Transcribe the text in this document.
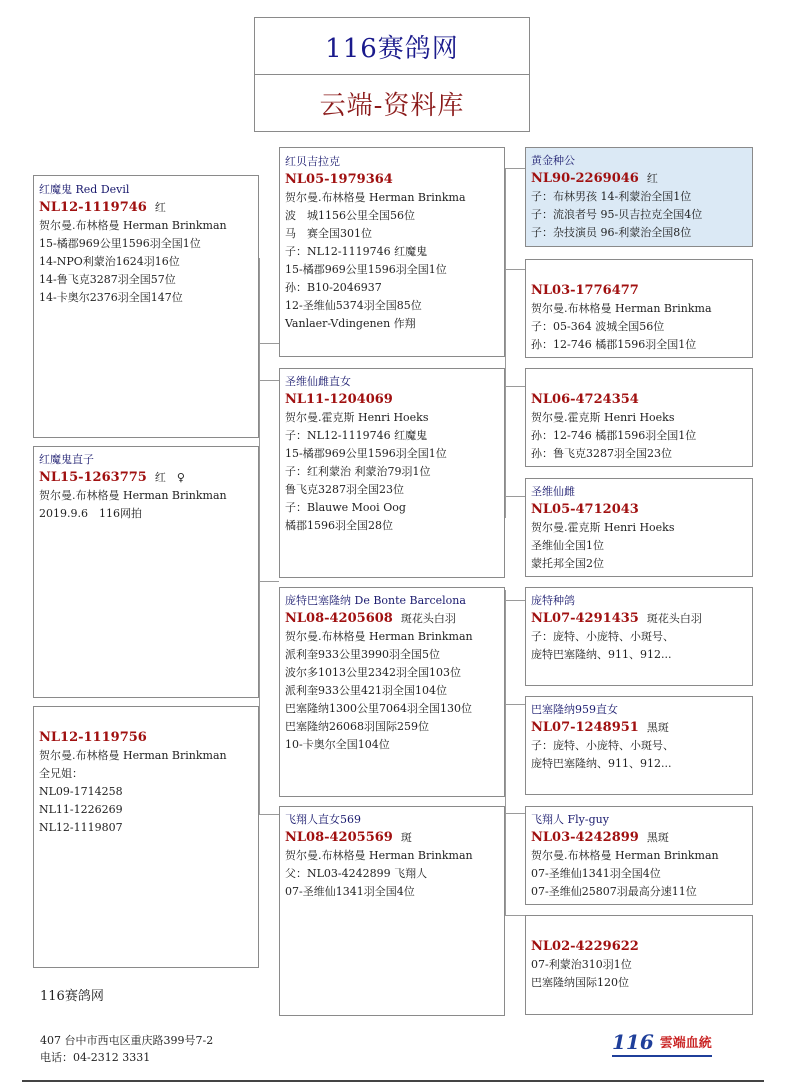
116赛鸽网
云端-资料库
红魔鬼 Red Devil
NL12-1119746 红
贺尔曼.布林格曼 Herman Brinkman
15-橘郡969公里1596羽全国1位
14-NPO利蒙治1624羽16位
14-鲁飞克3287羽全国57位
14-卡奥尔2376羽全国147位
红魔鬼直子
NL15-1263775 红　♀
贺尔曼.布林格曼 Herman Brinkman
2019.9.6　116网拍
NL12-1119756
贺尔曼.布林格曼 Herman Brinkman
全兄姐：
NL09-1714258
NL11-1226269
NL12-1119807
红贝吉拉克
NL05-1979364
贺尔曼.布林格曼 Herman Brinkma
波　城1156公里全国56位
马　赛全国301位
子：NL12-1119746 红魔鬼
15-橘郡969公里1596羽全国1位
孙：B10-2046937
12-圣维仙5374羽全国85位
Vanlaer-Vdingenen 作翔
圣维仙雌直女
NL11-1204069
贺尔曼.霍克斯 Henri Hoeks
子：NL12-1119746 红魔鬼
15-橘郡969公里1596羽全国1位
子：红利蒙治 利蒙治79羽1位
鲁飞克3287羽全国23位
子：Blauwe Mooi Oog
橘郡1596羽全国28位
庞特巴塞隆纳 De Bonte Barcelona
NL08-4205608 斑花头白羽
贺尔曼.布林格曼 Herman Brinkman
派利奎933公里3990羽全国5位
波尔多1013公里2342羽全国103位
派利奎933公里421羽全国104位
巴塞隆纳1300公里7064羽全国130位
巴塞隆纳26068羽国际259位
10-卡奥尔全国104位
飞翔人直女569
NL08-4205569 斑
贺尔曼.布林格曼 Herman Brinkman
父：NL03-4242899 飞翔人
07-圣维仙1341羽全国4位
黄金种公
NL90-2269046 红
子：布林男孩 14-利蒙治全国1位
子：流浪者号 95-贝吉拉克全国4位
子：杂技演员 96-利蒙治全国8位
NL03-1776477
贺尔曼.布林格曼 Herman Brinkma
子：05-364 波城全国56位
孙：12-746 橘郡1596羽全国1位
NL06-4724354
贺尔曼.霍克斯 Henri Hoeks
孙：12-746 橘郡1596羽全国1位
孙：鲁飞克3287羽全国23位
圣维仙雌
NL05-4712043
贺尔曼.霍克斯 Henri Hoeks
圣维仙全国1位
蒙托邦全国2位
庞特种鸽
NL07-4291435 斑花头白羽
子：庞特、小庞特、小斑号、
庞特巴塞隆纳、911、912...
巴塞隆纳959直女
NL07-1248951 黑斑
子：庞特、小庞特、小斑号、
庞特巴塞隆纳、911、912...
飞翔人 Fly-guy
NL03-4242899 黑斑
贺尔曼.布林格曼 Herman Brinkman
07-圣维仙1341羽全国4位
07-圣维仙25807羽最高分速11位
NL02-4229622
07-利蒙治310羽1位
巴塞隆纳国际120位
116赛鸽网
407 台中市西屯区重庆路399号7-2
电话：04-2312 3331
116 雲端血統
